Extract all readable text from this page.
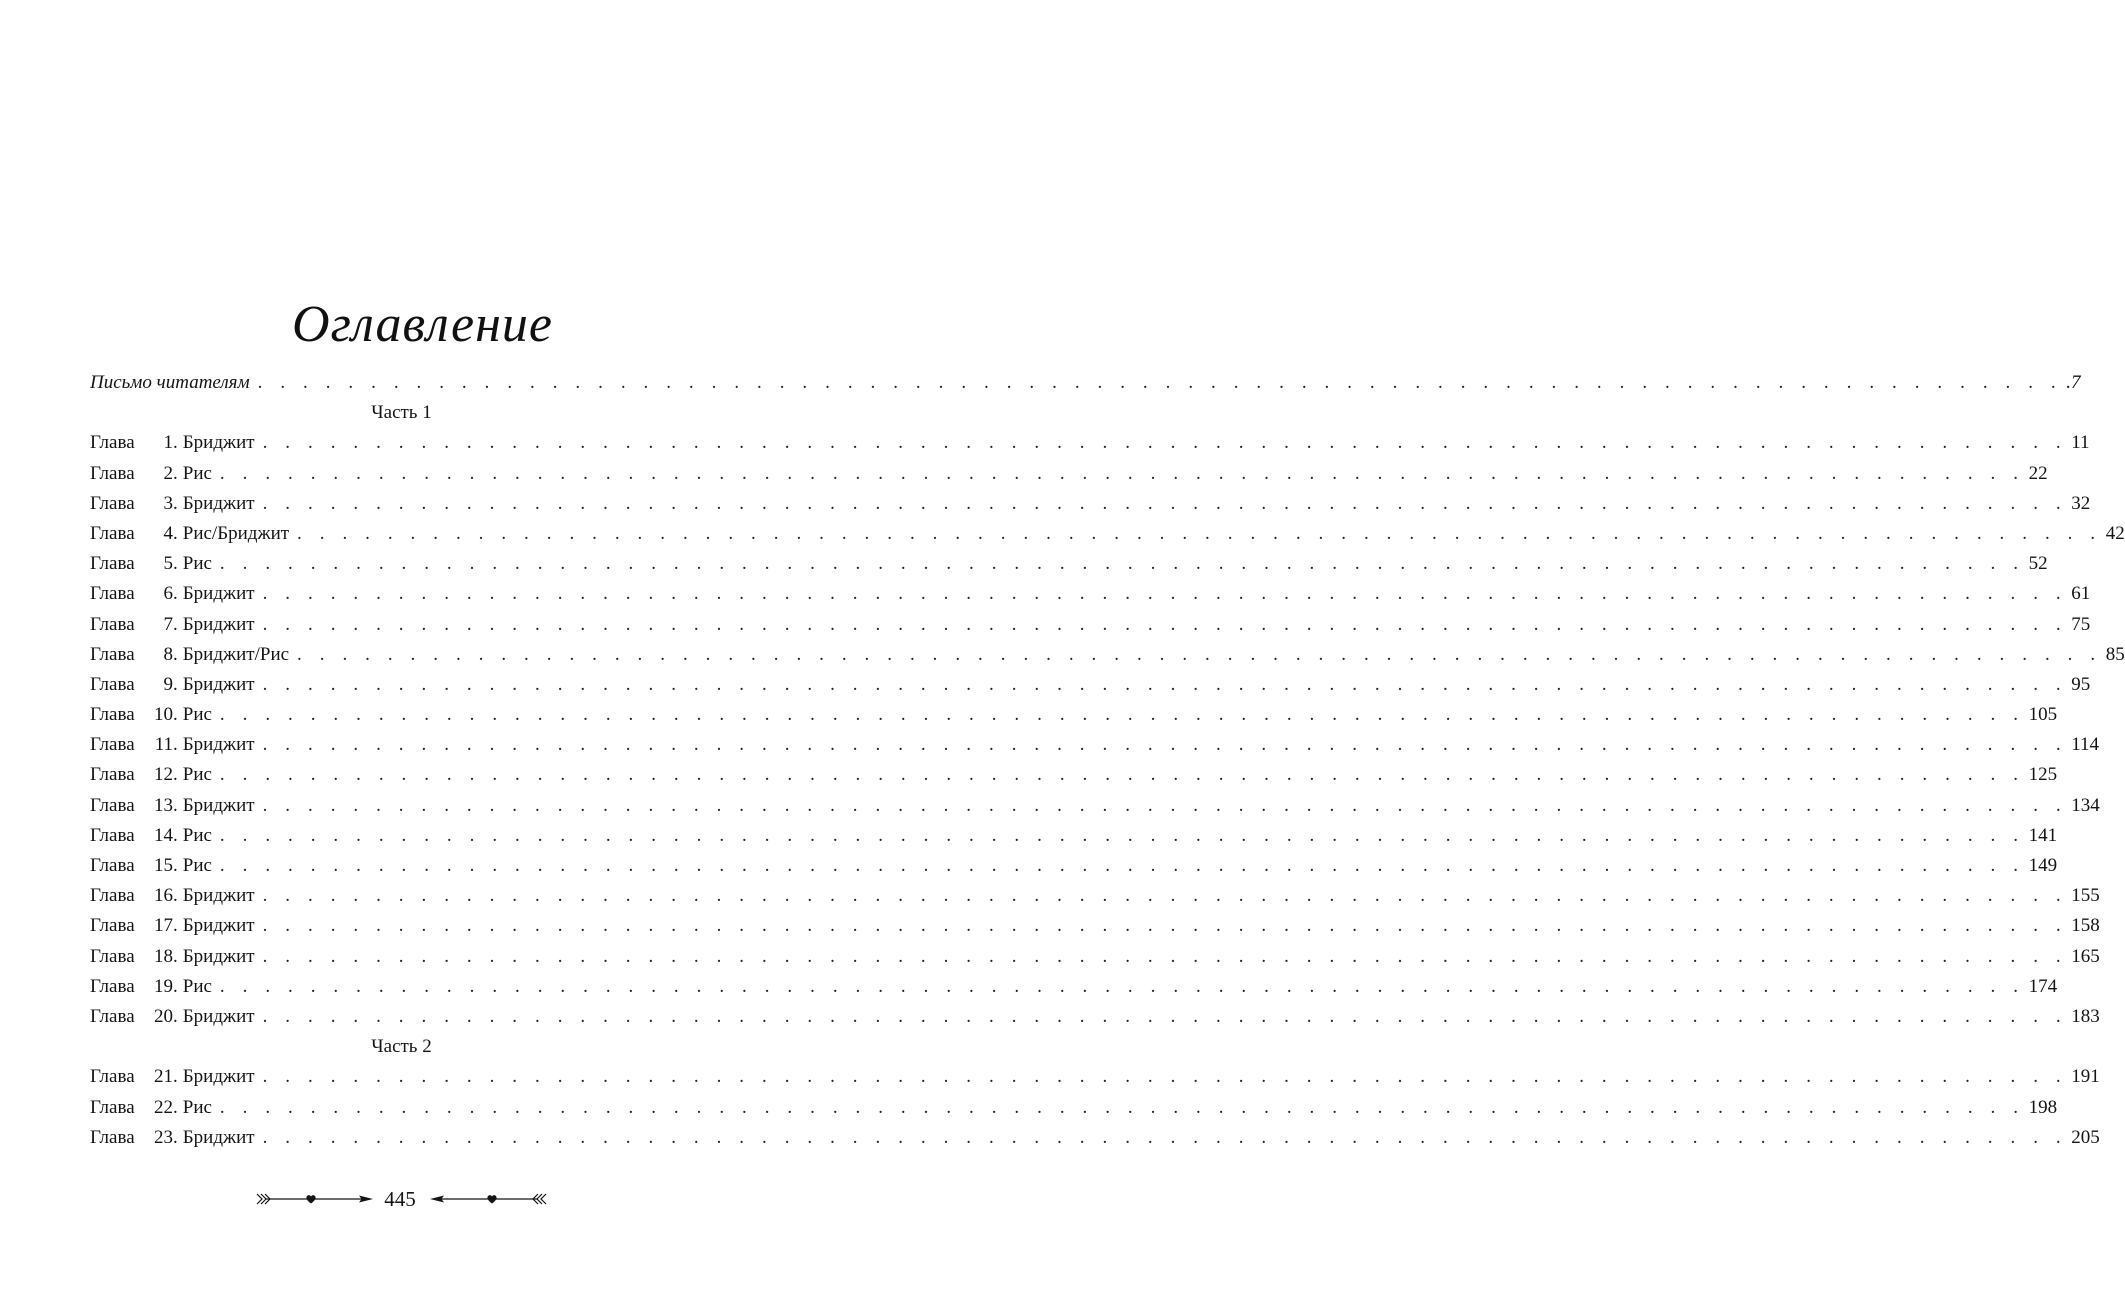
Оглавление
Письмо читателям . . . . . . . . . . . . . . . . . . . . . . . . . . . . . . . . . . . . . . . . . . . . . . . . . . . . . . . . . . . . . . . . . . . . . . . . . . . . . . . . .7
Часть 1
Глава	1 . Бриджит . . . . . . . . . . . . . . . . . . . . . . . . . . . . . . . . . . . . . . . . . . . . . . . . . . . . . . . . . . . . . . . . . . . . . . . . . . . . . . . . 11
Глава	2 . Рис . . . . . . . . . . . . . . . . . . . . . . . . . . . . . . . . . . . . . . . . . . . . . . . . . . . . . . . . . . . . . . . . . . . . . . . . . . . . . . . . 22
Глава	3 . Бриджит . . . . . . . . . . . . . . . . . . . . . . . . . . . . . . . . . . . . . . . . . . . . . . . . . . . . . . . . . . . . . . . . . . . . . . . . . . . . . . . . 32
Глава	4 . Рис/Бриджит . . . . . . . . . . . . . . . . . . . . . . . . . . . . . . . . . . . . . . . . . . . . . . . . . . . . . . . . . . . . . . . . . . . . . . . . . . . . . . . . 42
Глава	5 . Рис . . . . . . . . . . . . . . . . . . . . . . . . . . . . . . . . . . . . . . . . . . . . . . . . . . . . . . . . . . . . . . . . . . . . . . . . . . . . . . . . 52
Глава	6 . Бриджит . . . . . . . . . . . . . . . . . . . . . . . . . . . . . . . . . . . . . . . . . . . . . . . . . . . . . . . . . . . . . . . . . . . . . . . . . . . . . . . . 61
Глава	7 . Бриджит . . . . . . . . . . . . . . . . . . . . . . . . . . . . . . . . . . . . . . . . . . . . . . . . . . . . . . . . . . . . . . . . . . . . . . . . . . . . . . . . 75
Глава	8 . Бриджит/Рис . . . . . . . . . . . . . . . . . . . . . . . . . . . . . . . . . . . . . . . . . . . . . . . . . . . . . . . . . . . . . . . . . . . . . . . . . . . . . . . . 85
Глава	9 . Бриджит . . . . . . . . . . . . . . . . . . . . . . . . . . . . . . . . . . . . . . . . . . . . . . . . . . . . . . . . . . . . . . . . . . . . . . . . . . . . . . . . 95
Глава	10 . Рис . . . . . . . . . . . . . . . . . . . . . . . . . . . . . . . . . . . . . . . . . . . . . . . . . . . . . . . . . . . . . . . . . . . . . . . . . . . . . . . . 105
Глава	11 . Бриджит . . . . . . . . . . . . . . . . . . . . . . . . . . . . . . . . . . . . . . . . . . . . . . . . . . . . . . . . . . . . . . . . . . . . . . . . . . . . . . . . 114
Глава	12 . Рис . . . . . . . . . . . . . . . . . . . . . . . . . . . . . . . . . . . . . . . . . . . . . . . . . . . . . . . . . . . . . . . . . . . . . . . . . . . . . . . . 125
Глава	13 . Бриджит . . . . . . . . . . . . . . . . . . . . . . . . . . . . . . . . . . . . . . . . . . . . . . . . . . . . . . . . . . . . . . . . . . . . . . . . . . . . . . . . 134
Глава	14 . Рис . . . . . . . . . . . . . . . . . . . . . . . . . . . . . . . . . . . . . . . . . . . . . . . . . . . . . . . . . . . . . . . . . . . . . . . . . . . . . . . . 141
Глава	15 . Рис . . . . . . . . . . . . . . . . . . . . . . . . . . . . . . . . . . . . . . . . . . . . . . . . . . . . . . . . . . . . . . . . . . . . . . . . . . . . . . . . 149
Глава	16 . Бриджит . . . . . . . . . . . . . . . . . . . . . . . . . . . . . . . . . . . . . . . . . . . . . . . . . . . . . . . . . . . . . . . . . . . . . . . . . . . . . . . . 155
Глава	17 . Бриджит . . . . . . . . . . . . . . . . . . . . . . . . . . . . . . . . . . . . . . . . . . . . . . . . . . . . . . . . . . . . . . . . . . . . . . . . . . . . . . . . 158
Глава	18 . Бриджит . . . . . . . . . . . . . . . . . . . . . . . . . . . . . . . . . . . . . . . . . . . . . . . . . . . . . . . . . . . . . . . . . . . . . . . . . . . . . . . . 165
Глава	19 . Рис . . . . . . . . . . . . . . . . . . . . . . . . . . . . . . . . . . . . . . . . . . . . . . . . . . . . . . . . . . . . . . . . . . . . . . . . . . . . . . . . 174
Глава	20 . Бриджит . . . . . . . . . . . . . . . . . . . . . . . . . . . . . . . . . . . . . . . . . . . . . . . . . . . . . . . . . . . . . . . . . . . . . . . . . . . . . . . . 183
Часть 2
Глава	21 . Бриджит . . . . . . . . . . . . . . . . . . . . . . . . . . . . . . . . . . . . . . . . . . . . . . . . . . . . . . . . . . . . . . . . . . . . . . . . . . . . . . . . 191
Глава	22 . Рис . . . . . . . . . . . . . . . . . . . . . . . . . . . . . . . . . . . . . . . . . . . . . . . . . . . . . . . . . . . . . . . . . . . . . . . . . . . . . . . . 198
Глава	23 . Бриджит . . . . . . . . . . . . . . . . . . . . . . . . . . . . . . . . . . . . . . . . . . . . . . . . . . . . . . . . . . . . . . . . . . . . . . . . . . . . . . . . 205
445
